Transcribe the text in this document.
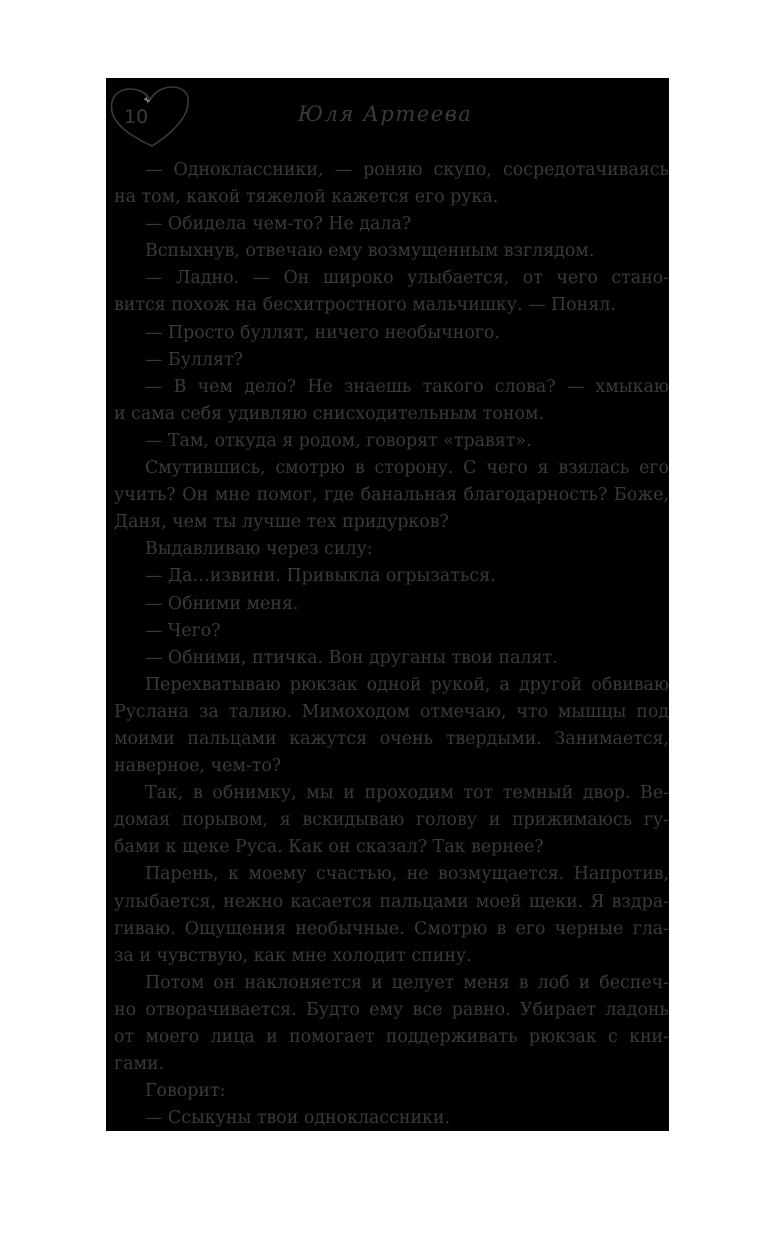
10	Юля Артеева
— Одноклассники, — роняю скупо, сосредотачиваясь
на том, какой тяжелой кажется его рука.
— Обидела чем-то? Не дала?
Вспыхнув, отвечаю ему возмущенным взглядом.
— Ладно. — Он широко улыбается, от чего стано-
вится похож на бесхитростного мальчишку. — Понял.
— Просто буллят, ничего необычного.
— Буллят?
— В чем дело? Не знаешь такого слова? — хмыкаю
и сама себя удивляю снисходительным тоном.
— Там, откуда я родом, говорят «травят».
Смутившись, смотрю в сторону. С чего я взялась его
учить? Он мне помог, где банальная благодарность? Боже,
Даня, чем ты лучше тех придурков?
Выдавливаю через силу:
— Да…извини. Привыкла огрызаться.
— Обними меня.
— Чего?
— Обними, птичка. Вон друганы твои палят.
Перехватываю рюкзак одной рукой, а другой обвиваю
Руслана за талию. Мимоходом отмечаю, что мышцы под
моими пальцами кажутся очень твердыми. Занимается,
наверное, чем-то?
Так, в обнимку, мы и проходим тот темный двор. Ве-
домая порывом, я вскидываю голову и прижимаюсь гу-
бами к щеке Руса. Как он сказал? Так вернее?
Парень, к моему счастью, не возмущается. Напротив,
улыбается, нежно касается пальцами моей щеки. Я вздра-
гиваю. Ощущения необычные. Смотрю в его черные гла-
за и чувствую, как мне холодит спину.
Потом он наклоняется и целует меня в лоб и беспеч-
но отворачивается. Будто ему все равно. Убирает ладонь
от моего лица и помогает поддерживать рюкзак с кни-
гами.
Говорит:
— Ссыкуны твои одноклассники.
